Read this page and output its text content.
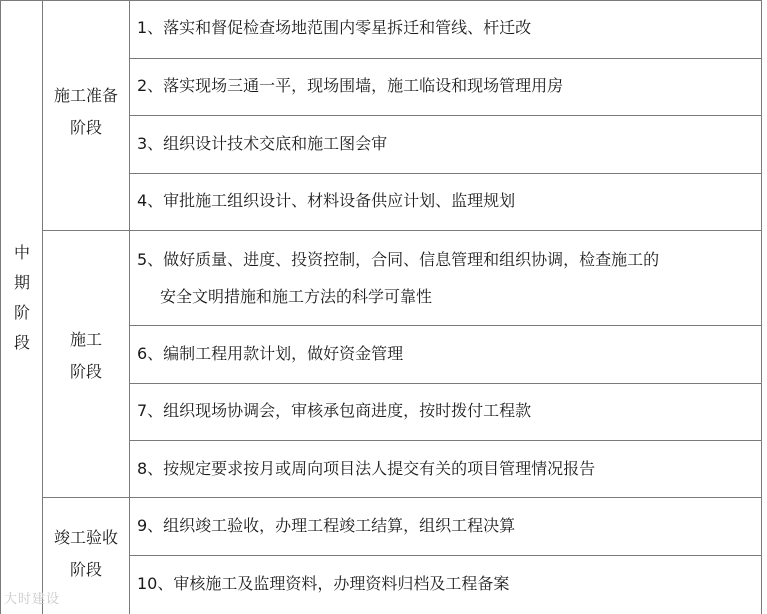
中
期
阶
段
施工准备
阶段
施工
阶段
竣工验收
阶段
1、落实和督促检查场地范围内零星拆迁和管线、杆迁改
2、落实现场三通一平，现场围墙，施工临设和现场管理用房
3、组织设计技术交底和施工图会审
4、审批施工组织设计、材料设备供应计划、监理规划
5、做好质量、进度、投资控制，合同、信息管理和组织协调，检查施工的
安全文明措施和施工方法的科学可靠性
6、编制工程用款计划，做好资金管理
7、组织现场协调会，审核承包商进度，按时拨付工程款
8、按规定要求按月或周向项目法人提交有关的项目管理情况报告
9、组织竣工验收，办理工程竣工结算，组织工程决算
10、审核施工及监理资料，办理资料归档及工程备案
大时建设
